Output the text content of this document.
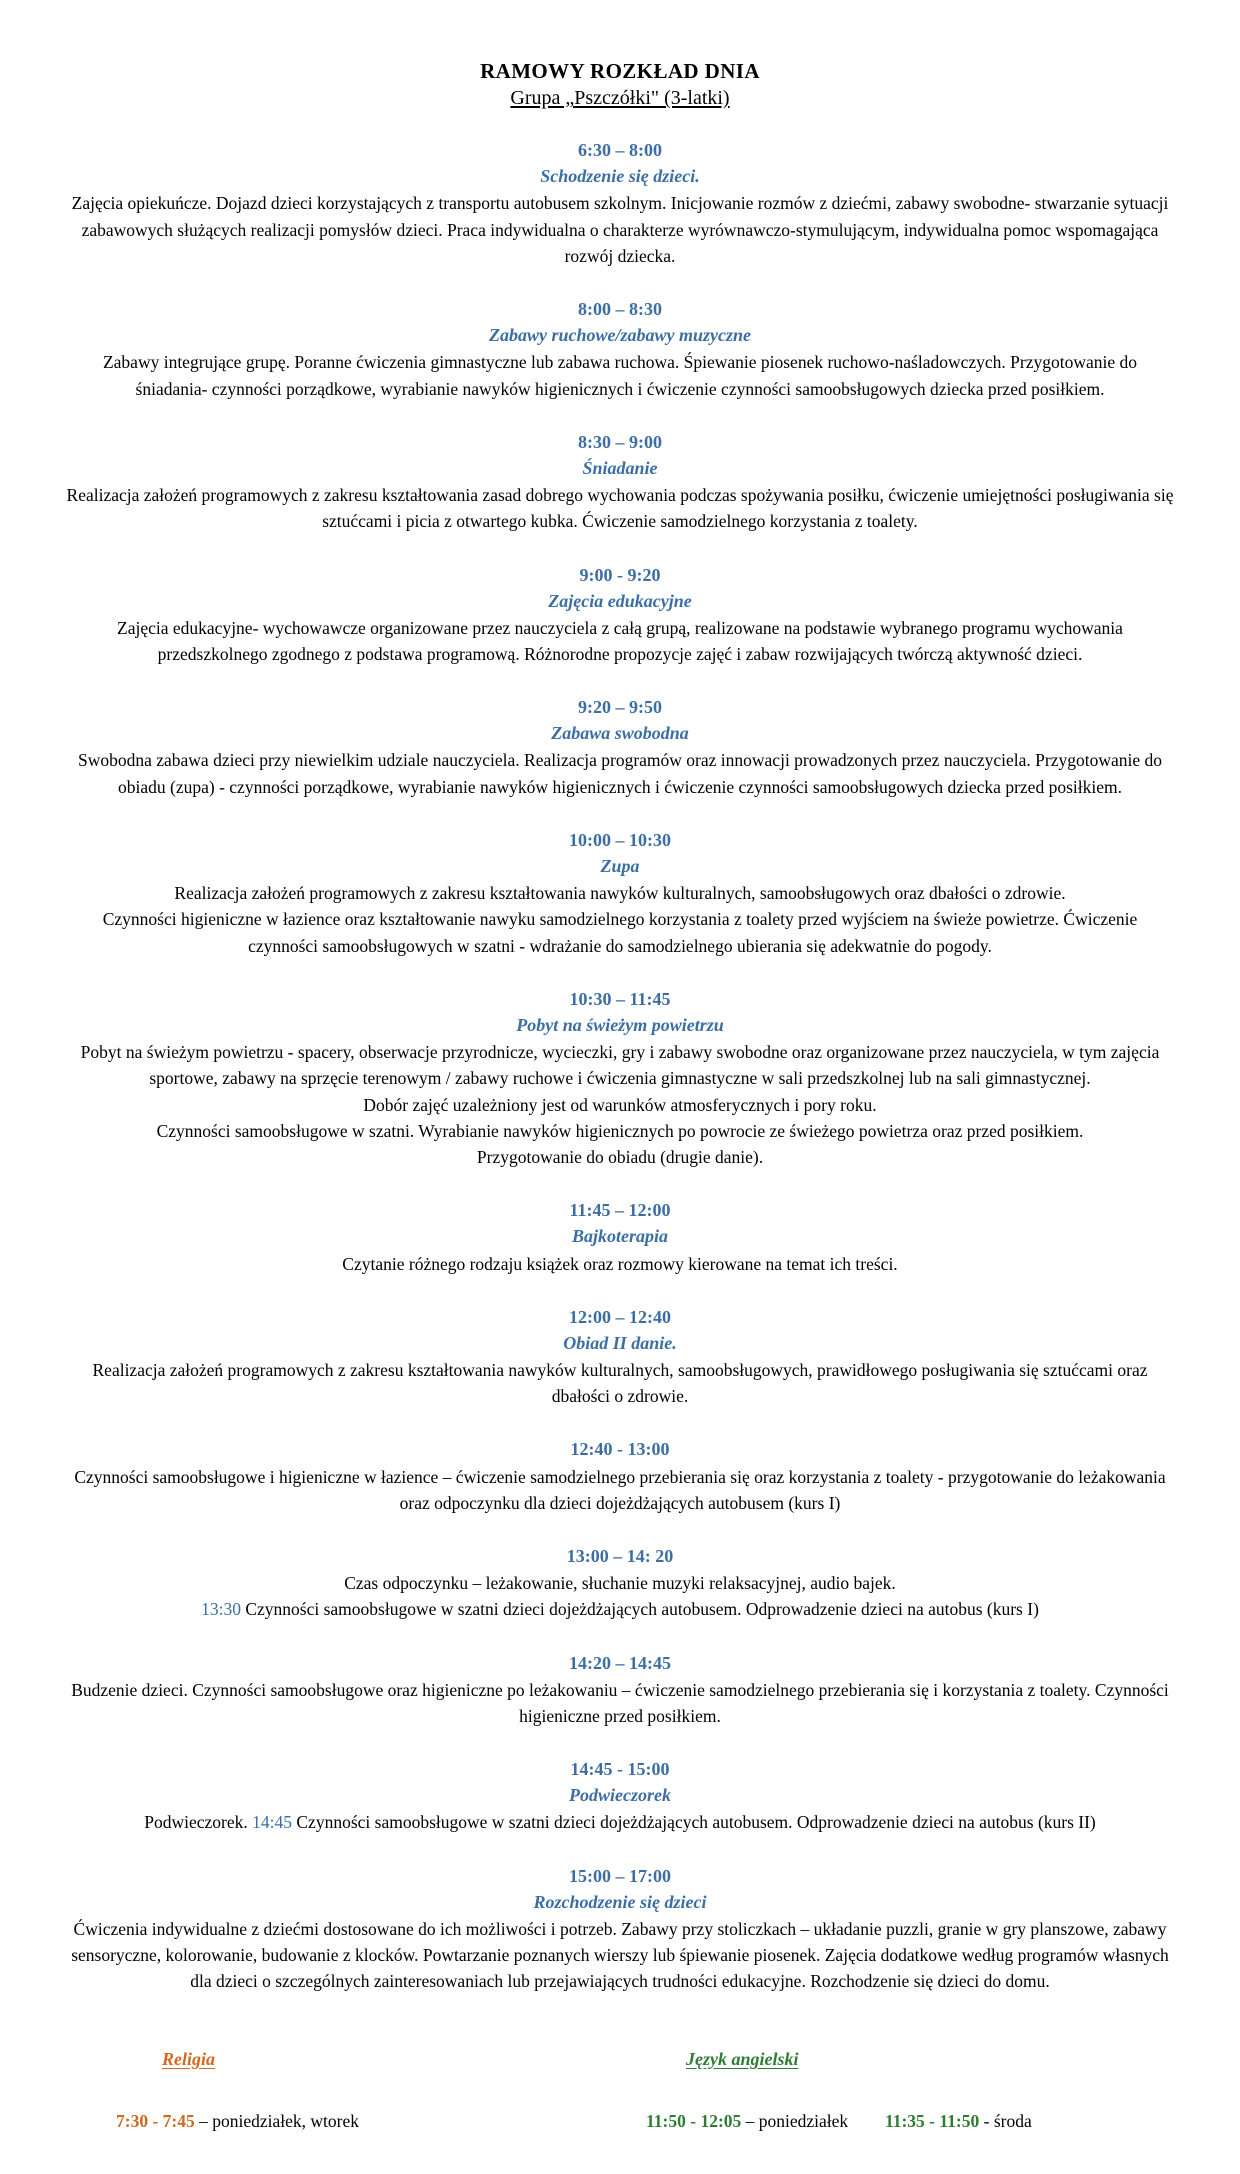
RAMOWY ROZKŁAD DNIA
Grupa „Pszczółki" (3-latki)
6:30 – 8:00
Schodzenie się dzieci.

Zajęcia opiekuńcze. Dojazd dzieci korzystających z transportu autobusem szkolnym. Inicjowanie rozmów z dziećmi, zabawy swobodne- stwarzanie sytuacji zabawowych służących realizacji pomysłów dzieci. Praca indywidualna o charakterze wyrównawczo-stymulującym, indywidualna pomoc wspomagająca rozwój dziecka.

8:00 – 8:30
Zabawy ruchowe/zabawy muzyczne

Zabawy integrujące grupę. Poranne ćwiczenia gimnastyczne lub zabawa ruchowa. Śpiewanie piosenek ruchowo-naśladowczych. Przygotowanie do śniadania- czynności porządkowe, wyrabianie nawyków higienicznych i ćwiczenie czynności samoobsługowych dziecka przed posiłkiem.

8:30 – 9:00
Śniadanie

Realizacja założeń programowych z zakresu kształtowania zasad dobrego wychowania podczas spożywania posiłku, ćwiczenie umiejętności posługiwania się sztućcami i picia z otwartego kubka. Ćwiczenie samodzielnego korzystania z toalety.

9:00 - 9:20
Zajęcia edukacyjne

Zajęcia edukacyjne- wychowawcze organizowane przez nauczyciela z całą grupą, realizowane na podstawie wybranego programu wychowania przedszkolnego zgodnego z podstawa programową. Różnorodne propozycje zajęć i zabaw rozwijających twórczą aktywność dzieci.

9:20 – 9:50
Zabawa swobodna

Swobodna zabawa dzieci przy niewielkim udziale nauczyciela. Realizacja programów oraz innowacji prowadzonych przez nauczyciela. Przygotowanie do obiadu (zupa) - czynności porządkowe, wyrabianie nawyków higienicznych i ćwiczenie czynności samoobsługowych dziecka przed posiłkiem.

10:00 – 10:30
Zupa

Realizacja założeń programowych z zakresu kształtowania nawyków kulturalnych, samoobsługowych oraz dbałości o zdrowie.

Czynności higieniczne w łazience oraz kształtowanie nawyku samodzielnego korzystania z toalety przed wyjściem na świeże powietrze. Ćwiczenie czynności samoobsługowych w szatni - wdrażanie do samodzielnego ubierania się adekwatnie do pogody.

10:30 – 11:45
Pobyt na świeżym powietrzu

Pobyt na świeżym powietrzu - spacery, obserwacje przyrodnicze, wycieczki, gry i zabawy swobodne oraz organizowane przez nauczyciela, w tym zajęcia sportowe, zabawy na sprzęcie terenowym / zabawy ruchowe i ćwiczenia gimnastyczne w sali przedszkolnej lub na sali gimnastycznej.

Dobór zajęć uzależniony jest od warunków atmosferycznych i pory roku.

Czynności samoobsługowe w szatni. Wyrabianie nawyków higienicznych po powrocie ze świeżego powietrza oraz przed posiłkiem.

Przygotowanie do obiadu (drugie danie).

11:45 – 12:00
Bajkoterapia

Czytanie różnego rodzaju książek oraz rozmowy kierowane na temat ich treści.

12:00 – 12:40
Obiad II danie.

Realizacja założeń programowych z zakresu kształtowania nawyków kulturalnych, samoobsługowych, prawidłowego posługiwania się sztućcami oraz dbałości o zdrowie.

12:40 - 13:00

Czynności samoobsługowe i higieniczne w łazience – ćwiczenie samodzielnego przebierania się oraz korzystania z toalety - przygotowanie do leżakowania oraz odpoczynku dla dzieci dojeżdżających autobusem (kurs I)

13:00 – 14: 20

Czas odpoczynku – leżakowanie, słuchanie muzyki relaksacyjnej, audio bajek.

13:30 Czynności samoobsługowe w szatni dzieci dojeżdżających autobusem. Odprowadzenie dzieci na autobus (kurs I)

14:20 – 14:45

Budzenie dzieci. Czynności samoobsługowe oraz higieniczne po leżakowaniu – ćwiczenie samodzielnego przebierania się i korzystania z toalety. Czynności higieniczne przed posiłkiem.

14:45 - 15:00
Podwieczorek

Podwieczorek. 14:45 Czynności samoobsługowe w szatni dzieci dojeżdżających autobusem. Odprowadzenie dzieci na autobus (kurs II)

15:00 – 17:00
Rozchodzenie się dzieci

Ćwiczenia indywidualne z dziećmi dostosowane do ich możliwości i potrzeb. Zabawy przy stoliczkach – układanie puzzli, granie w gry planszowe, zabawy sensoryczne, kolorowanie, budowanie z klocków. Powtarzanie poznanych wierszy lub śpiewanie piosenek. Zajęcia dodatkowe według programów własnych dla dzieci o szczególnych zainteresowaniach lub przejawiających trudności edukacyjne. Rozchodzenie się dzieci do domu.

Religia
7:30 - 7:45 – poniedziałek, wtorek
Język angielski
11:50 - 12:05 – poniedziałek 11:35 - 11:50 - środa
